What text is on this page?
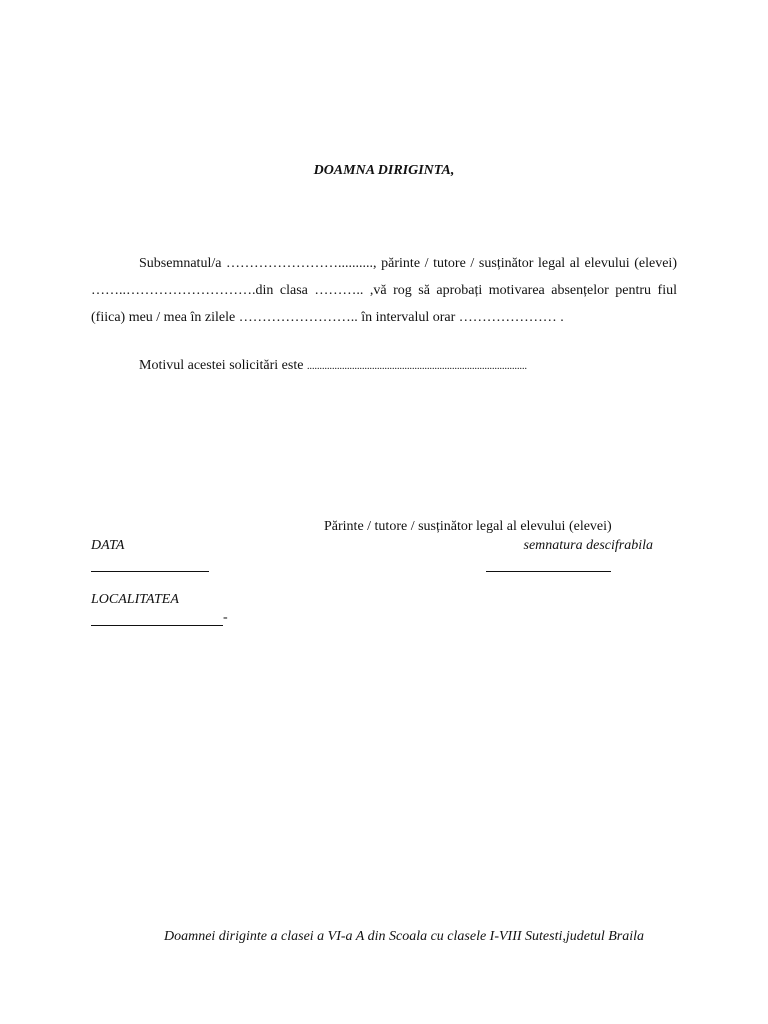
DOAMNA DIRIGINTA,

Subsemnatul/a …………………….........., părinte / tutore / susținător legal al elevului (elevei) ……..……………………….din clasa ……….. ,vă rog să aprobați motivarea absențelor pentru fiul (fiica) meu / mea în zilele …………………….. în intervalul orar ………………… .

Motivul acestei solicitări este ........................................................................................
Părinte / tutore / susținător legal al elevului (elevei)
DATA	semnatura descifrabila
LOCALITATEA
-
Doamnei diriginte a clasei a VI-a A din Scoala cu clasele I-VIII Sutesti,judetul Braila
